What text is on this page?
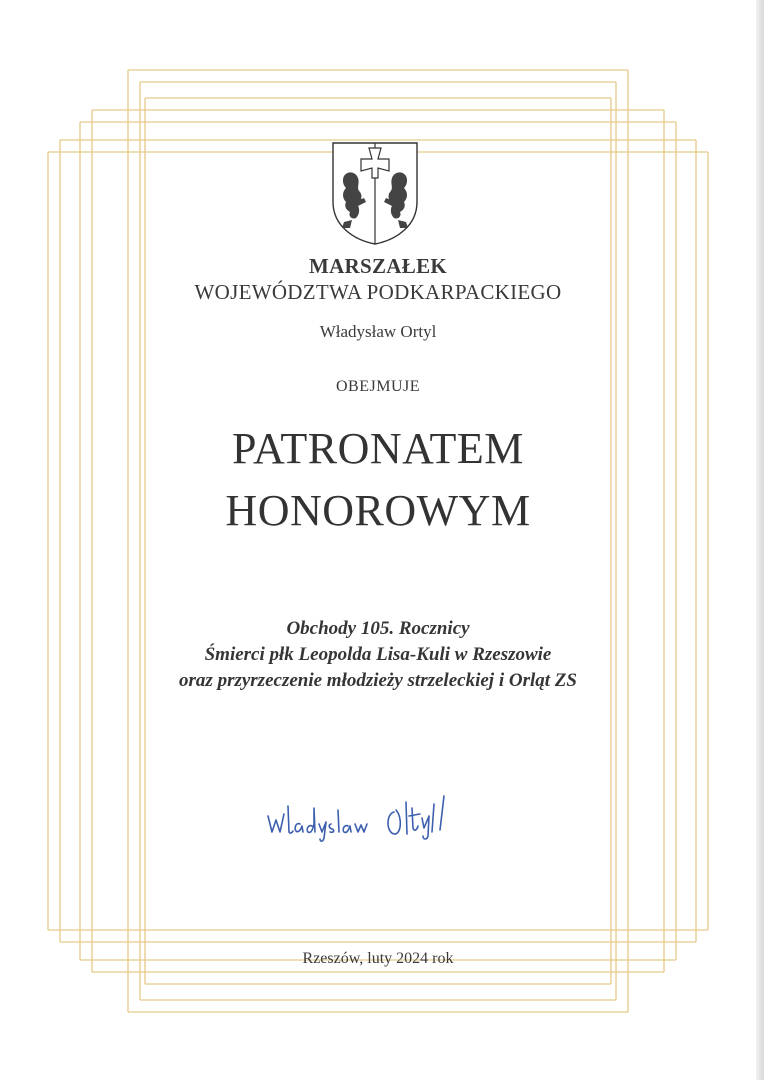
MARSZAŁEK
WOJEWÓDZTWA PODKARPACKIEGO
Władysław Ortyl
OBEJMUJE
PATRONATEM
HONOROWYM
Obchody 105. Rocznicy
Śmierci płk Leopolda Lisa-Kuli w Rzeszowie
oraz przyrzeczenie młodzieży strzeleckiej i Orląt ZS
Rzeszów, luty 2024 rok
